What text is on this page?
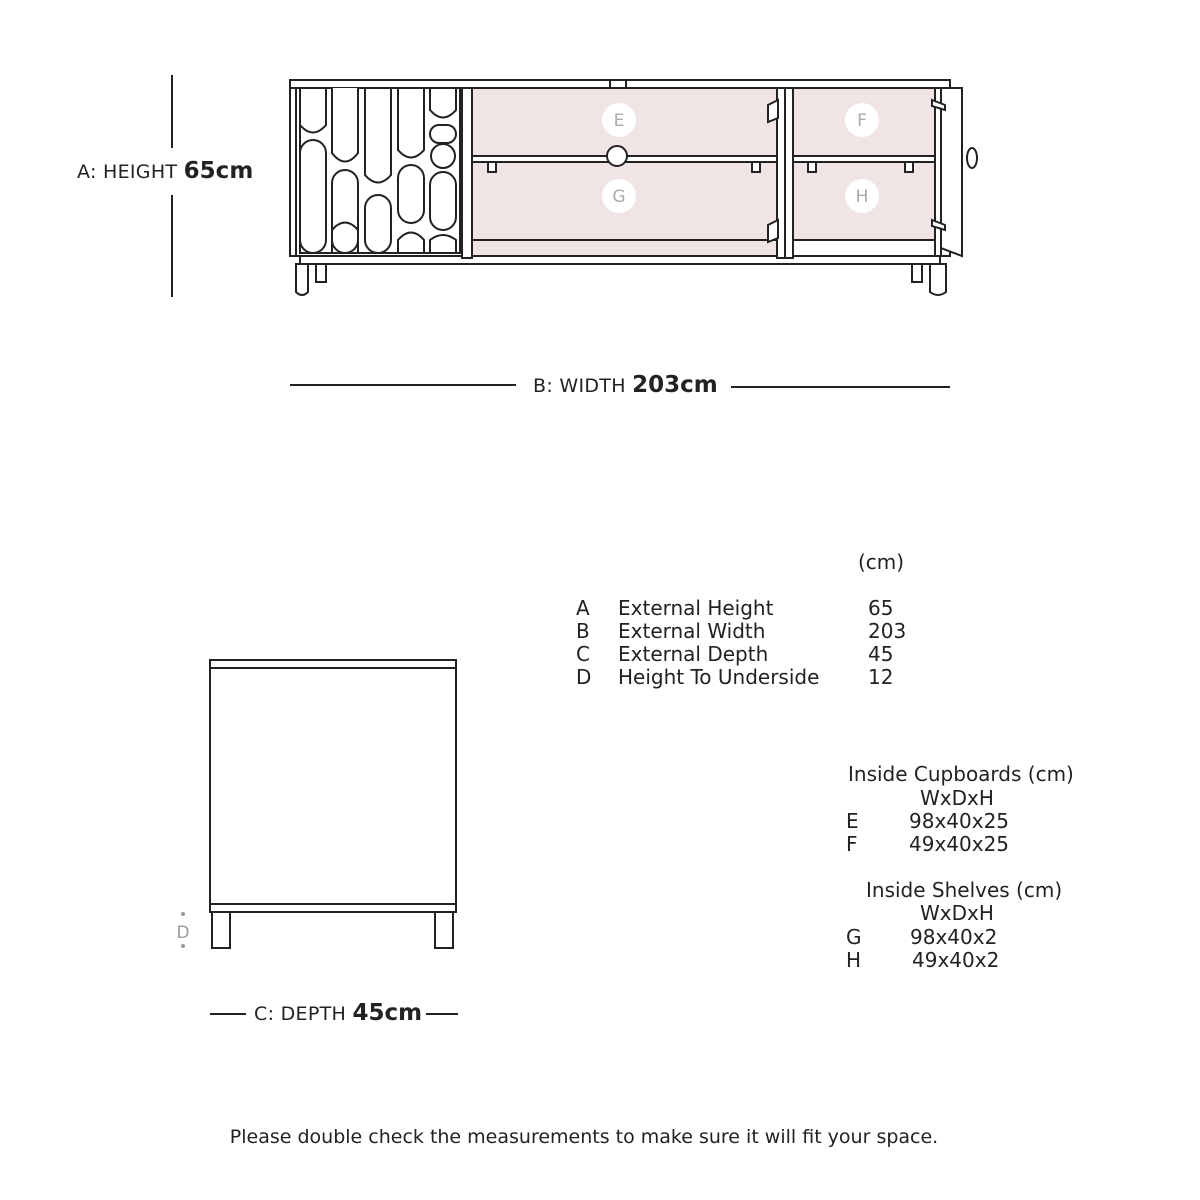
E	F
G	H
A: HEIGHT 65cm
B: WIDTH 203cm
D
C: DEPTH 45cm
(cm)
A External Height	65
B External Width	203
C External Depth	45
D Height To Underside 12
Inside Cupboards (cm)
WxDxH
E	98x40x25
F	49x40x25
Inside Shelves (cm)
WxDxH
G 98x40x2
H	49x40x2
Please double check the measurements to make sure it will fit your space.
